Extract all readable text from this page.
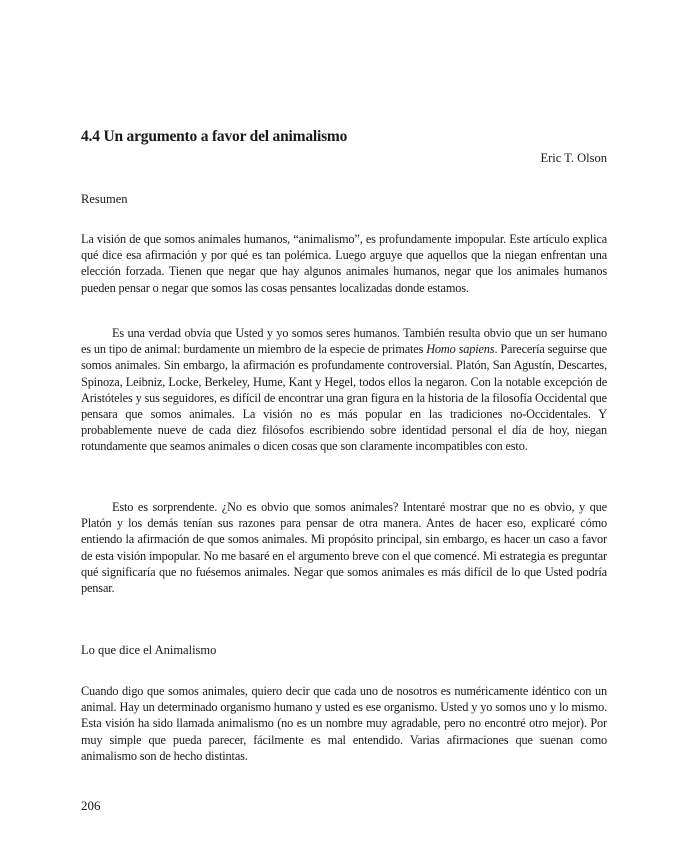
4.4 Un argumento a favor del animalismo
Eric T. Olson
Resumen

La visión de que somos animales humanos, “animalismo”, es profundamente impopular. Este artículo explica qué dice esa afirmación y por qué es tan polémica. Luego arguye que aquellos que la niegan enfrentan una elección forzada. Tienen que negar que hay algunos animales humanos, negar que los animales humanos pueden pensar o negar que somos las cosas pensantes localizadas donde estamos.

Es una verdad obvia que Usted y yo somos seres humanos. También resulta obvio que un ser humano es un tipo de animal: burdamente un miembro de la especie de primates Homo sapiens. Parecería seguirse que somos animales. Sin embargo, la afirmación es profundamente controversial. Platón, San Agustín, Descartes, Spinoza, Leibniz, Locke, Berkeley, Hume, Kant y Hegel, todos ellos la negaron. Con la notable excepción de Aristóteles y sus seguidores, es difícil de encontrar una gran figura en la historia de la filosofía Occidental que pensara que somos animales. La visión no es más popular en las tradiciones no-Occidentales. Y probablemente nueve de cada diez filósofos escribiendo sobre identidad personal el día de hoy, niegan rotundamente que seamos animales o dicen cosas que son claramente incompatibles con esto.

Esto es sorprendente. ¿No es obvio que somos animales? Intentaré mostrar que no es obvio, y que Platón y los demás tenían sus razones para pensar de otra manera. Antes de hacer eso, explicaré cómo entiendo la afirmación de que somos animales. Mi propósito principal, sin embargo, es hacer un caso a favor de esta visión impopular. No me basaré en el argumento breve con el que comencé. Mi estrategia es preguntar qué significaría que no fuésemos animales. Negar que somos animales es más difícil de lo que Usted podría pensar.

Lo que dice el Animalismo

Cuando digo que somos animales, quiero decir que cada uno de nosotros es numéricamente idéntico con un animal. Hay un determinado organismo humano y usted es ese organismo. Usted y yo somos uno y lo mismo. Esta visión ha sido llamada animalismo (no es un nombre muy agradable, pero no encontré otro mejor). Por muy simple que pueda parecer, fácilmente es mal entendido. Varias afirmaciones que suenan como animalismo son de hecho distintas.

206
